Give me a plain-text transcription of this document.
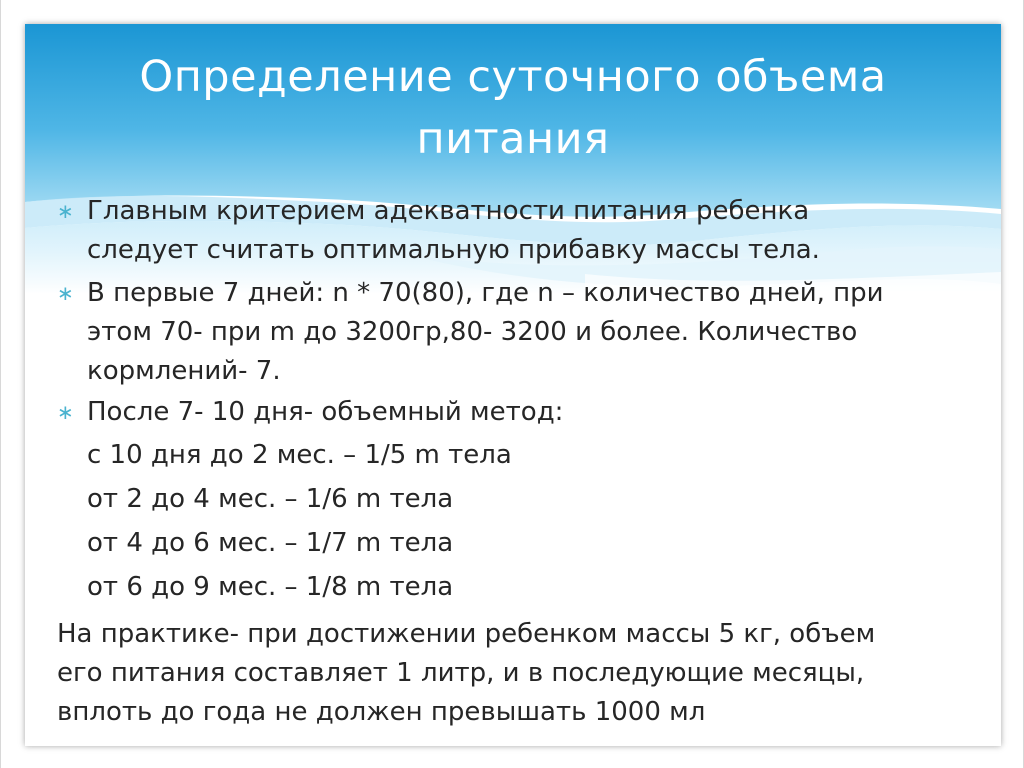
Определение суточного объема
питания
∗ Главным критерием адекватности питания ребенка
следует считать оптимальную прибавку массы тела.
∗ В первые 7 дней: n * 70(80), где n – количество дней, при
этом 70- при m до 3200гр,80- 3200 и более. Количество
кормлений- 7.
∗ После 7- 10 дня- объемный метод:
с 10 дня до 2 мес. – 1/5 m тела
от 2 до 4 мес. – 1/6 m тела
от 4 до 6 мес. – 1/7 m тела
от 6 до 9 мес. – 1/8 m тела
На практике- при достижении ребенком массы 5 кг, объем
его питания составляет 1 литр, и в последующие месяцы,
вплоть до года не должен превышать 1000 мл
